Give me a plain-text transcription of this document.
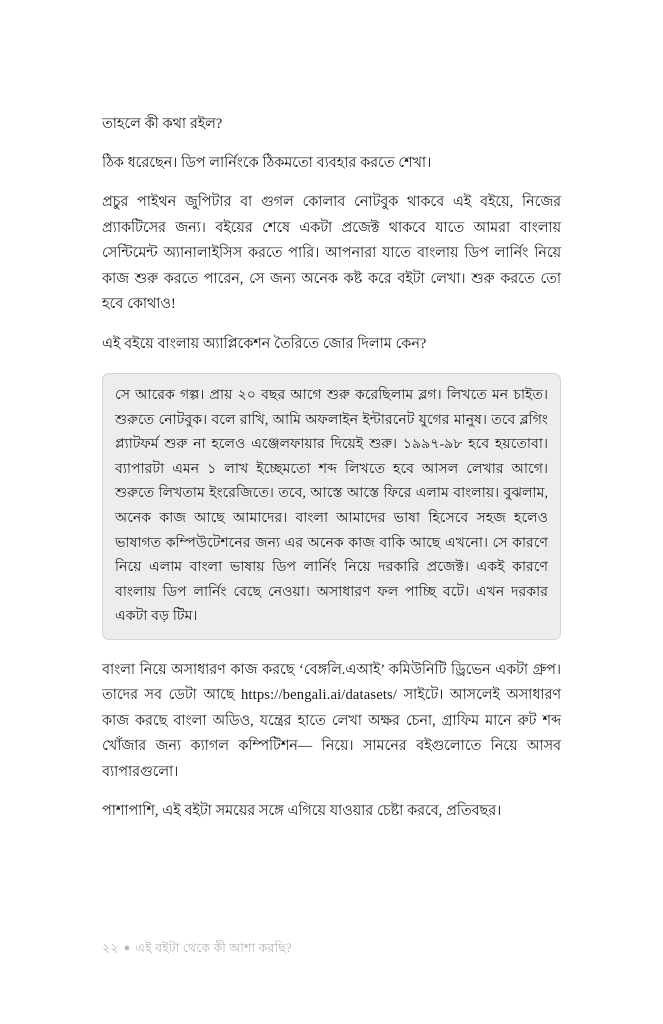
তাহলে কী কথা রইল?

ঠিক ধরেছেন। ডিপ লার্নিংকে ঠিকমতো ব্যবহার করতে শেখা।

প্রচুর পাইথন জুপিটার বা গুগল কোলাব নোটবুক থাকবে এই বইয়ে, নিজের প্র্যাকটিসের জন্য। বইয়ের শেষে একটা প্রজেক্ট থাকবে যাতে আমরা বাংলায় সেন্টিমেন্ট অ্যানালাইসিস করতে পারি। আপনারা যাতে বাংলায় ডিপ লার্নিং নিয়ে কাজ শুরু করতে পারেন, সে জন্য অনেক কষ্ট করে বইটা লেখা। শুরু করতে তো হবে কোথাও!

এই বইয়ে বাংলায় অ্যাপ্লিকেশন তৈরিতে জোর দিলাম কেন?

সে আরেক গল্প। প্রায় ২০ বছর আগে শুরু করেছিলাম ব্লগ। লিখতে মন চাইত। শুরুতে নোটবুক। বলে রাখি, আমি অফলাইন ইন্টারনেট যুগের মানুষ। তবে ব্লগিং প্ল্যাটফর্ম শুরু না হলেও এঞ্জেলফায়ার দিয়েই শুরু। ১৯৯৭-৯৮ হবে হয়তোবা। ব্যাপারটা এমন ১ লাখ ইচ্ছেমতো শব্দ লিখতে হবে আসল লেখার আগে। শুরুতে লিখতাম ইংরেজিতে। তবে, আস্তে আস্তে ফিরে এলাম বাংলায়। বুঝলাম, অনেক কাজ আছে আমাদের। বাংলা আমাদের ভাষা হিসেবে সহজ হলেও ভাষাগত কম্পিউটেশনের জন্য এর অনেক কাজ বাকি আছে এখনো। সে কারণে নিয়ে এলাম বাংলা ভাষায় ডিপ লার্নিং নিয়ে দরকারি প্রজেক্ট। একই কারণে বাংলায় ডিপ লার্নিং বেছে নেওয়া। অসাধারণ ফল পাচ্ছি বটে। এখন দরকার একটা বড় টিম।

বাংলা নিয়ে অসাধারণ কাজ করছে ‘বেঙ্গলি.এআই’ কমিউনিটি ড্রিভেন একটা গ্রুপ। তাদের সব ডেটা আছে https://bengali.ai/datasets/ সাইটে। আসলেই অসাধারণ কাজ করছে বাংলা অডিও, যন্ত্রের হাতে লেখা অক্ষর চেনা, গ্রাফিম মানে রুট শব্দ খোঁজার জন্য ক্যাগল কম্পিটিশন— নিয়ে। সামনের বইগুলোতে নিয়ে আসব ব্যাপারগুলো।

পাশাপাশি, এই বইটা সময়ের সঙ্গে এগিয়ে যাওয়ার চেষ্টা করবে, প্রতিবছর।

২২ ● এই বইটা থেকে কী আশা করছি?
